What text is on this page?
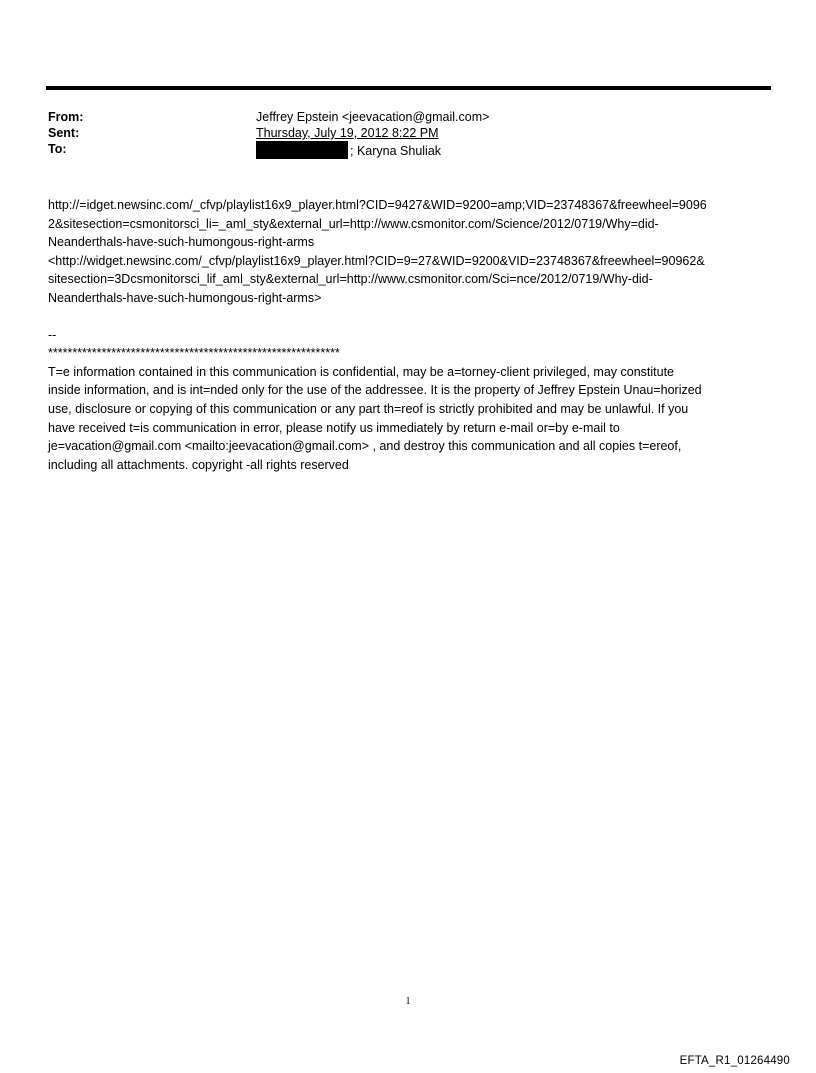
From:	Jeffrey Epstein <jeevacation@gmail.com>
Sent:	Thursday, July 19, 2012 8:22 PM
To:	; Karyna Shuliak

http://=idget.newsinc.com/_cfvp/playlist16x9_player.html?CID=9427&WID=9200=amp;VID=23748367&freewheel=9096

2&sitesection=csmonitorsci_li=_aml_sty&external_url=http://www.csmonitor.com/Science/2012/0719/Why=did-

Neanderthals-have-such-humongous-right-arms

<http://widget.newsinc.com/_cfvp/playlist16x9_player.html?CID=9=27&WID=9200&VID=23748367&freewheel=90962&

sitesection=3Dcsmonitorsci_lif_aml_sty&external_url=http://www.csmonitor.com/Sci=nce/2012/0719/Why-did-

Neanderthals-have-such-humongous-right-arms>

--

************************************************************

T=e information contained in this communication is confidential, may be a=torney-client privileged, may constitute

inside information, and is int=nded only for the use of the addressee. It is the property of Jeffrey Epstein Unau=horized

use, disclosure or copying of this communication or any part th=reof is strictly prohibited and may be unlawful. If you

have received t=is communication in error, please notify us immediately by return e-mail or=by e-mail to

je=vacation@gmail.com <mailto:jeevacation@gmail.com> , and destroy this communication and all copies t=ereof,

including all attachments. copyright -all rights reserved

1
EFTA_R1_01264490
